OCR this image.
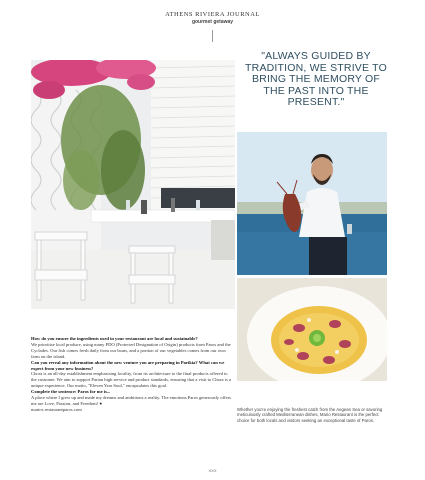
ATHENS RIVIERA JOURNAL
gourmet getaway
"ALWAYS GUIDED BY TRADITION, WE STRIVE TO BRING THE MEMORY OF THE PAST INTO THE PRESENT."

How do you ensure the ingredients used in your restaurant are local and sustainable?

We prioritise local produce, using many PDO (Protected Designation of Origin) products from Paros and the Cyclades. Our fish comes fresh daily from our boats, and a portion of our vegetables comes from our own farm on the island.

Can you reveal any information about the new venture you are preparing in Parikia? What can we expect from your new business?

Chora is an all-day establishment emphasising locality, from its architecture to the final products offered to the customer. We aim to support Parian high service and product standards, ensuring that a visit to Chora is a unique experience. Our motto, "Eleven Year Soul," encapsulates this goal.

Complete the sentence: Paros for me is...

A place where I grew up and made my dreams and ambitions a reality. The emotions Paros generously offers me are Love, Passion, and Freedom! ●

marios restaurantparos.com	Whether you're enjoying the freshest catch from the Aegean Sea or savoring meticulously crafted Mediterranean dishes, Mario Restaurant is the perfect choice for both locals and visitors seeking an exceptional taste of Paros.
XXX
